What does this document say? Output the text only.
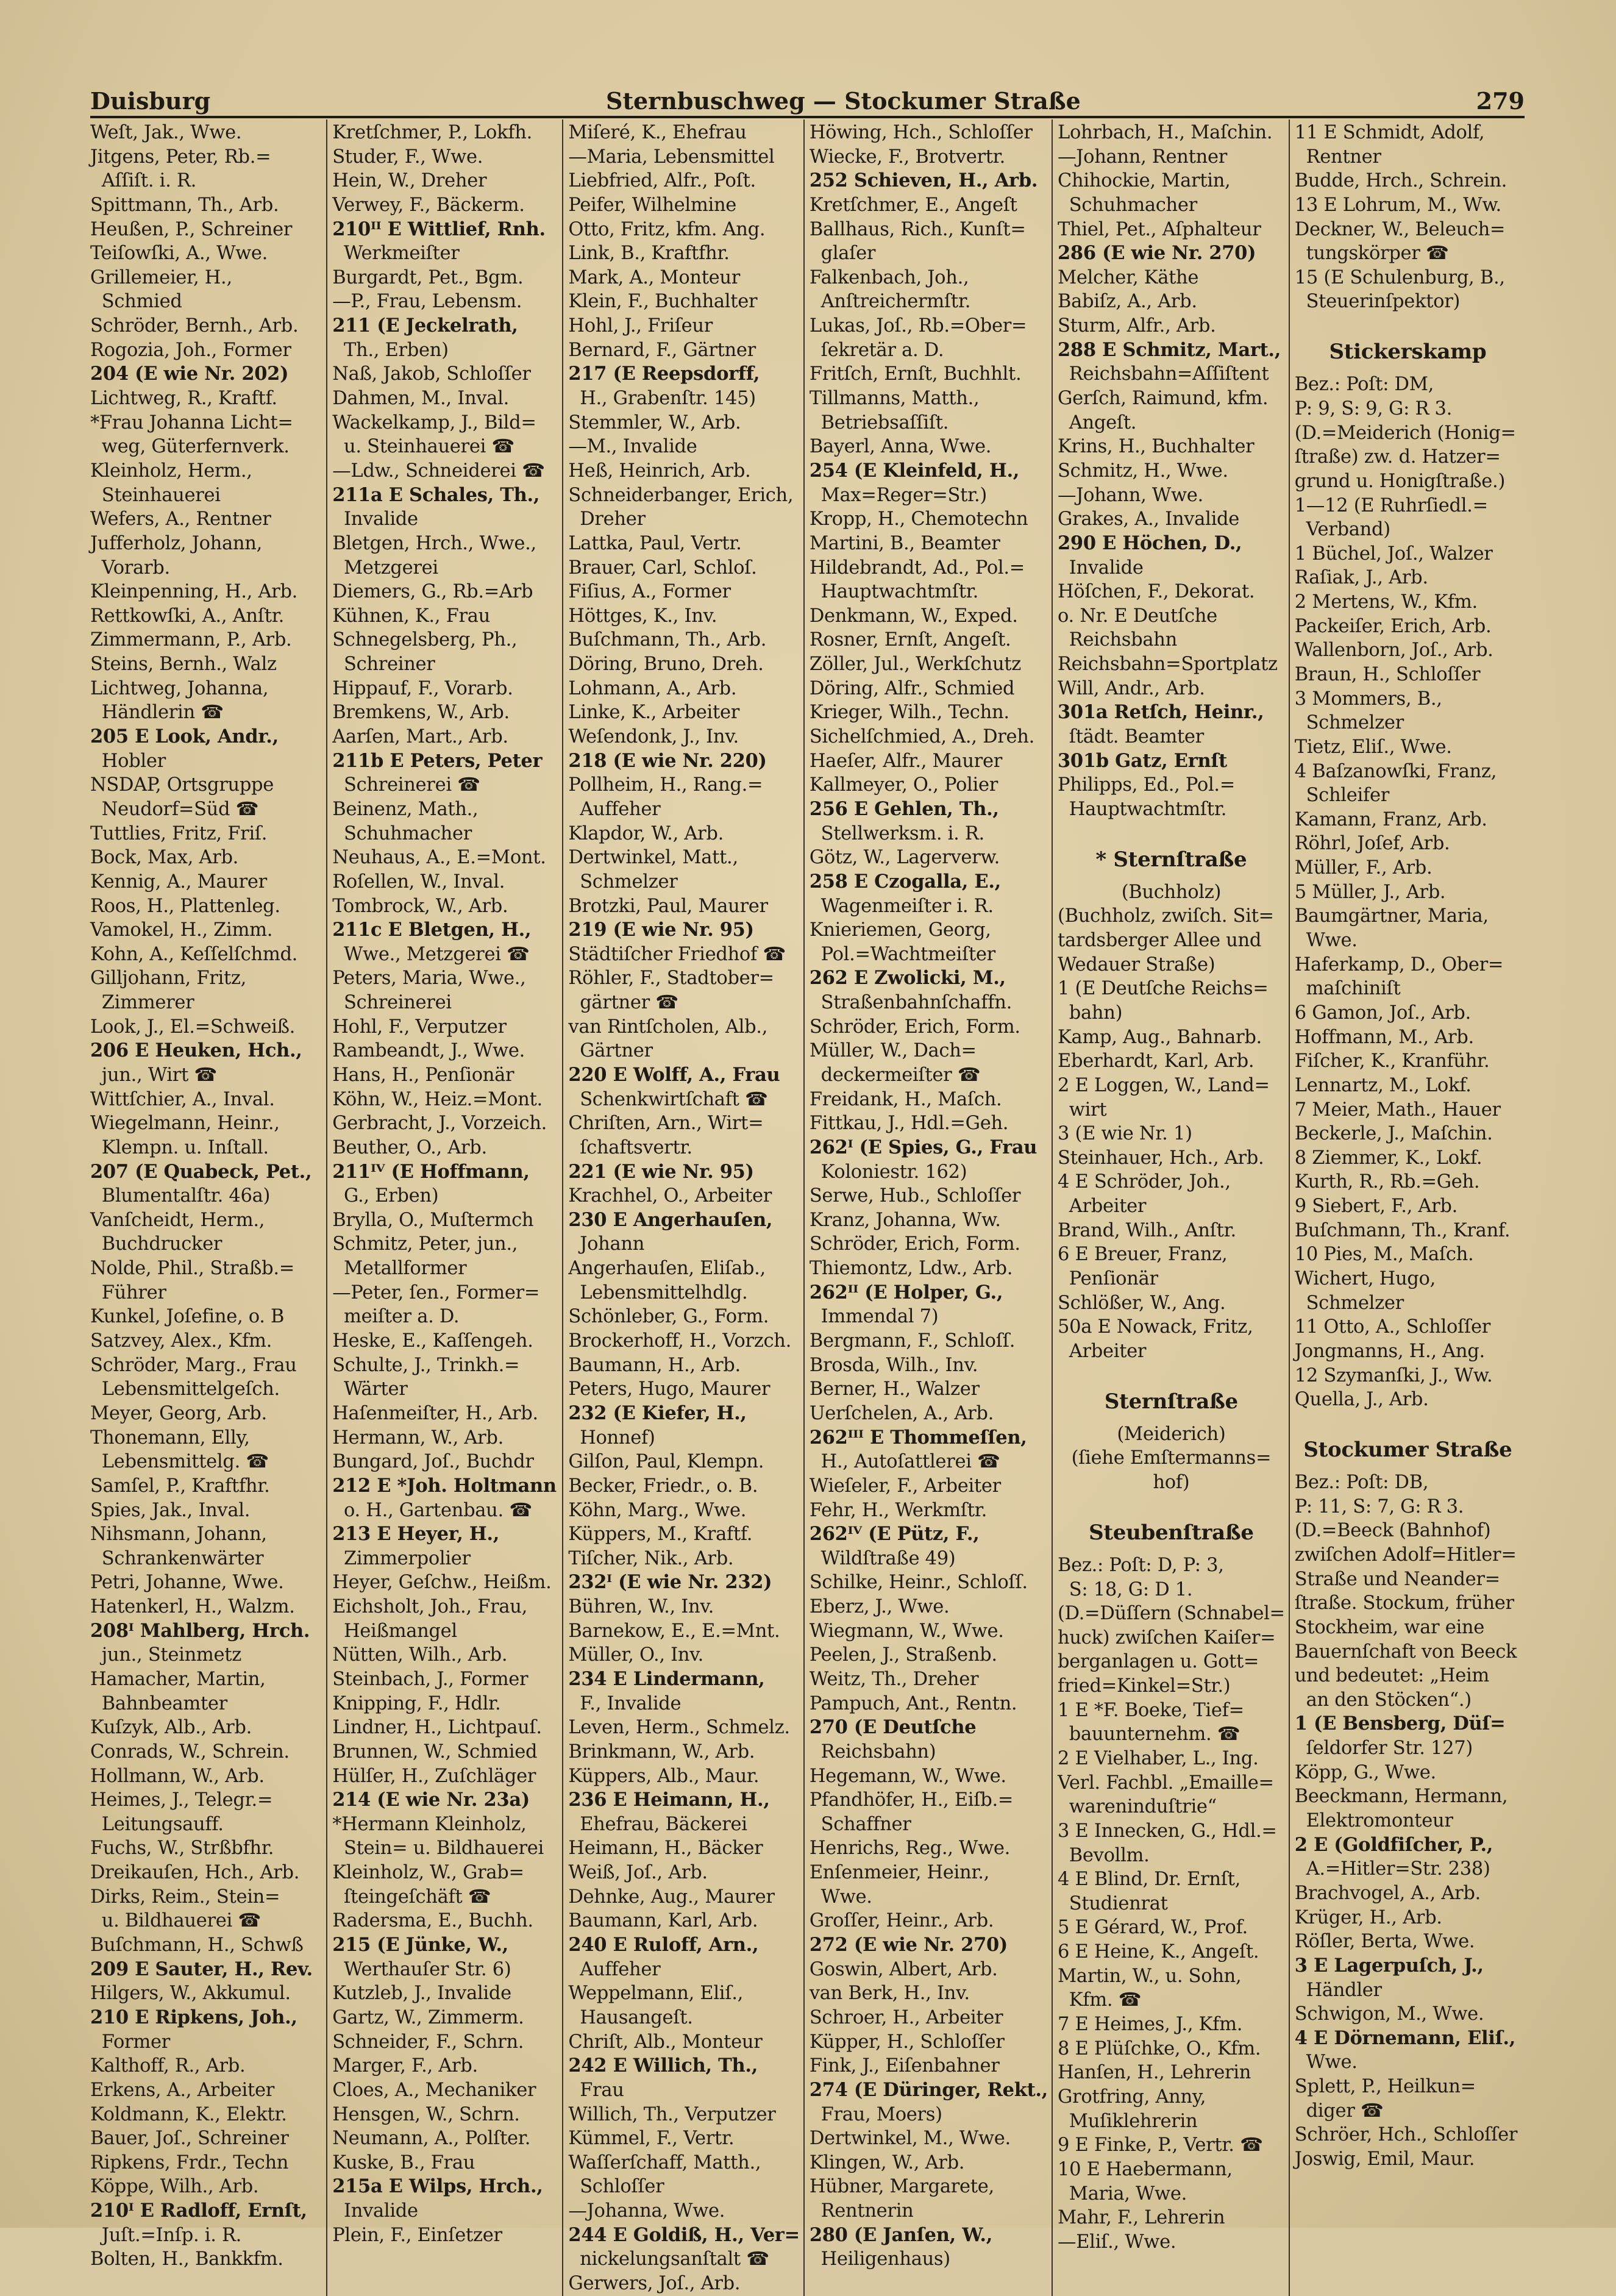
Duisburg	Sternbuschweg — Stockumer Straße	279
Weſt, Jak., Wwe.
Jitgens, Peter, Rb.=
Aſſiſt. i. R.
Spittmann, Th., Arb.
Heußen, P., Schreiner
Teiſowſki, A., Wwe.
Grillemeier, H.,
Schmied
Schröder, Bernh., Arb.
Rogozia, Joh., Former
204 (E wie Nr. 202)
Lichtweg, R., Kraftf.
*Frau Johanna Licht=
weg, Güterfernverk.
Kleinholz, Herm.,
Steinhauerei
Wefers, A., Rentner
Jufferholz, Johann,
Vorarb.
Kleinpenning, H., Arb.
Rettkowſki, A., Anſtr.
Zimmermann, P., Arb.
Steins, Bernh., Walz
Lichtweg, Johanna,
Händlerin ☎
205 E Look, Andr.,
Hobler
NSDAP, Ortsgruppe
Neudorf=Süd ☎
Tuttlies, Fritz, Friſ.
Bock, Max, Arb.
Kennig, A., Maurer
Roos, H., Plattenleg.
Vamokel, H., Zimm.
Kohn, A., Keſſelſchmd.
Gilljohann, Fritz,
Zimmerer
Look, J., El.=Schweiß.
206 E Heuken, Hch.,
jun., Wirt ☎
Wittſchier, A., Inval.
Wiegelmann, Heinr.,
Klempn. u. Inſtall.
207 (E Quabeck, Pet.,
Blumentalſtr. 46a)
Vanſcheidt, Herm.,
Buchdrucker
Nolde, Phil., Straßb.=
Führer
Kunkel, Joſefine, o. B
Satzvey, Alex., Kfm.
Schröder, Marg., Frau
Lebensmittelgeſch.
Meyer, Georg, Arb.
Thonemann, Elly,
Lebensmittelg. ☎
Samſel, P., Kraftfhr.
Spies, Jak., Inval.
Nihsmann, Johann,
Schrankenwärter
Petri, Johanne, Wwe.
Hatenkerl, H., Walzm.
208ᴵ Mahlberg, Hrch.
jun., Steinmetz
Hamacher, Martin,
Bahnbeamter
Kuſzyk, Alb., Arb.
Conrads, W., Schrein.
Hollmann, W., Arb.
Heimes, J., Telegr.=
Leitungsauff.
Fuchs, W., Strßbfhr.
Dreikauſen, Hch., Arb.
Dirks, Reim., Stein=
u. Bildhauerei ☎
Buſchmann, H., Schwß
209 E Sauter, H., Rev.
Hilgers, W., Akkumul.
210 E Ripkens, Joh.,
Former
Kalthoff, R., Arb.
Erkens, A., Arbeiter
Koldmann, K., Elektr.
Bauer, Joſ., Schreiner
Ripkens, Frdr., Techn
Köppe, Wilh., Arb.
210ᴵ E Radloff, Ernſt,
Juſt.=Inſp. i. R.
Bolten, H., Bankkfm.
Kretſchmer, P., Lokfh.
Studer, F., Wwe.
Hein, W., Dreher
Verwey, F., Bäckerm.
210ᴵᴵ E Wittlief, Rnh.
Werkmeiſter
Burgardt, Pet., Bgm.
—P., Frau, Lebensm.
211 (E Jeckelrath,
Th., Erben)
Naß, Jakob, Schloſſer
Dahmen, M., Inval.
Wackelkamp, J., Bild=
u. Steinhauerei ☎
—Ldw., Schneiderei ☎
211a E Schales, Th.,
Invalide
Bletgen, Hrch., Wwe.,
Metzgerei
Diemers, G., Rb.=Arb
Kühnen, K., Frau
Schnegelsberg, Ph.,
Schreiner
Hippauf, F., Vorarb.
Bremkens, W., Arb.
Aarſen, Mart., Arb.
211b E Peters, Peter
Schreinerei ☎
Beinenz, Math.,
Schuhmacher
Neuhaus, A., E.=Mont.
Roſellen, W., Inval.
Tombrock, W., Arb.
211c E Bletgen, H.,
Wwe., Metzgerei ☎
Peters, Maria, Wwe.,
Schreinerei
Hohl, F., Verputzer
Rambeandt, J., Wwe.
Hans, H., Penſionär
Köhn, W., Heiz.=Mont.
Gerbracht, J., Vorzeich.
Beuther, O., Arb.
211ᴵⱽ (E Hoffmann,
G., Erben)
Brylla, O., Muſtermch
Schmitz, Peter, jun.,
Metallformer
—Peter, ſen., Former=
meiſter a. D.
Heske, E., Kaſſengeh.
Schulte, J., Trinkh.=
Wärter
Haſenmeiſter, H., Arb.
Hermann, W., Arb.
Bungard, Joſ., Buchdr
212 E *Joh. Holtmann
o. H., Gartenbau. ☎
213 E Heyer, H.,
Zimmerpolier
Heyer, Geſchw., Heißm.
Eichsholt, Joh., Frau,
Heißmangel
Nütten, Wilh., Arb.
Steinbach, J., Former
Knipping, F., Hdlr.
Lindner, H., Lichtpauſ.
Brunnen, W., Schmied
Hülſer, H., Zuſchläger
214 (E wie Nr. 23a)
*Hermann Kleinholz,
Stein= u. Bildhauerei
Kleinholz, W., Grab=
ſteingeſchäft ☎
Radersma, E., Buchh.
215 (E Jünke, W.,
Werthauſer Str. 6)
Kutzleb, J., Invalide
Gartz, W., Zimmerm.
Schneider, F., Schrn.
Marger, F., Arb.
Cloes, A., Mechaniker
Hensgen, W., Schrn.
Neumann, A., Polſter.
Kuske, B., Frau
215a E Wilps, Hrch.,
Invalide
Plein, F., Einſetzer
Miſeré, K., Ehefrau
—Maria, Lebensmittel
Liebfried, Alfr., Poſt.
Peifer, Wilhelmine
Otto, Fritz, kfm. Ang.
Link, B., Kraftfhr.
Mark, A., Monteur
Klein, F., Buchhalter
Hohl, J., Friſeur
Bernard, F., Gärtner
217 (E Reepsdorff,
H., Grabenſtr. 145)
Stemmler, W., Arb.
—M., Invalide
Heß, Heinrich, Arb.
Schneiderbanger, Erich,
Dreher
Lattka, Paul, Vertr.
Brauer, Carl, Schloſ.
Fiſius, A., Former
Höttges, K., Inv.
Buſchmann, Th., Arb.
Döring, Bruno, Dreh.
Lohmann, A., Arb.
Linke, K., Arbeiter
Weſendonk, J., Inv.
218 (E wie Nr. 220)
Pollheim, H., Rang.=
Auffeher
Klapdor, W., Arb.
Dertwinkel, Matt.,
Schmelzer
Brotzki, Paul, Maurer
219 (E wie Nr. 95)
Städtiſcher Friedhof ☎
Röhler, F., Stadtober=
gärtner ☎
van Rintſcholen, Alb.,
Gärtner
220 E Wolff, A., Frau
Schenkwirtſchaft ☎
Chriſten, Arn., Wirt=
ſchaftsvertr.
221 (E wie Nr. 95)
Krachhel, O., Arbeiter
230 E Angerhauſen,
Johann
Angerhauſen, Eliſab.,
Lebensmittelhdlg.
Schönleber, G., Form.
Brockerhoff, H., Vorzch.
Baumann, H., Arb.
Peters, Hugo, Maurer
232 (E Kiefer, H.,
Honnef)
Gilſon, Paul, Klempn.
Becker, Friedr., o. B.
Köhn, Marg., Wwe.
Küppers, M., Kraftf.
Tiſcher, Nik., Arb.
232ᴵ (E wie Nr. 232)
Bühren, W., Inv.
Barnekow, E., E.=Mnt.
Müller, O., Inv.
234 E Lindermann,
F., Invalide
Leven, Herm., Schmelz.
Brinkmann, W., Arb.
Küppers, Alb., Maur.
236 E Heimann, H.,
Ehefrau, Bäckerei
Heimann, H., Bäcker
Weiß, Joſ., Arb.
Dehnke, Aug., Maurer
Baumann, Karl, Arb.
240 E Ruloff, Arn.,
Auffeher
Weppelmann, Eliſ.,
Hausangeſt.
Chriſt, Alb., Monteur
242 E Willich, Th.,
Frau
Willich, Th., Verputzer
Kümmel, F., Vertr.
Waſſerſchaff, Matth.,
Schloſſer
—Johanna, Wwe.
244 E Goldiß, H., Ver=
nickelungsanſtalt ☎
Gerwers, Joſ., Arb.
Höwing, Hch., Schloſſer
Wiecke, F., Brotvertr.
252 Schieven, H., Arb.
Kretſchmer, E., Angeſt
Ballhaus, Rich., Kunſt=
glaſer
Falkenbach, Joh.,
Anſtreichermſtr.
Lukas, Joſ., Rb.=Ober=
ſekretär a. D.
Fritſch, Ernſt, Buchhlt.
Tillmanns, Matth.,
Betriebsaſſiſt.
Bayerl, Anna, Wwe.
254 (E Kleinfeld, H.,
Max=Reger=Str.)
Kropp, H., Chemotechn
Martini, B., Beamter
Hildebrandt, Ad., Pol.=
Hauptwachtmſtr.
Denkmann, W., Exped.
Rosner, Ernſt, Angeſt.
Zöller, Jul., Werkſchutz
Döring, Alfr., Schmied
Krieger, Wilh., Techn.
Sichelſchmied, A., Dreh.
Haeſer, Alfr., Maurer
Kallmeyer, O., Polier
256 E Gehlen, Th.,
Stellwerksm. i. R.
Götz, W., Lagerverw.
258 E Czogalla, E.,
Wagenmeiſter i. R.
Knieriemen, Georg,
Pol.=Wachtmeiſter
262 E Zwolicki, M.,
Straßenbahnſchaffn.
Schröder, Erich, Form.
Müller, W., Dach=
deckermeiſter ☎
Freidank, H., Maſch.
Fittkau, J., Hdl.=Geh.
262ᴵ (E Spies, G., Frau
Koloniestr. 162)
Serwe, Hub., Schloſſer
Kranz, Johanna, Ww.
Schröder, Erich, Form.
Thiemontz, Ldw., Arb.
262ᴵᴵ (E Holper, G.,
Immendal 7)
Bergmann, F., Schloſſ.
Brosda, Wilh., Inv.
Berner, H., Walzer
Uerſchelen, A., Arb.
262ᴵᴵᴵ E Thommeſſen,
H., Autoſattlerei ☎
Wieſeler, F., Arbeiter
Fehr, H., Werkmſtr.
262ᴵⱽ (E Pütz, F.,
Wildſtraße 49)
Schilke, Heinr., Schloſſ.
Eberz, J., Wwe.
Wiegmann, W., Wwe.
Peelen, J., Straßenb.
Weitz, Th., Dreher
Pampuch, Ant., Rentn.
270 (E Deutſche
Reichsbahn)
Hegemann, W., Wwe.
Pfandhöfer, H., Eiſb.=
Schaffner
Henrichs, Reg., Wwe.
Enſenmeier, Heinr.,
Wwe.
Groſſer, Heinr., Arb.
272 (E wie Nr. 270)
Goswin, Albert, Arb.
van Berk, H., Inv.
Schroer, H., Arbeiter
Küpper, H., Schloſſer
Fink, J., Eiſenbahner
274 (E Düringer, Rekt.,
Frau, Moers)
Dertwinkel, M., Wwe.
Klingen, W., Arb.
Hübner, Margarete,
Rentnerin
280 (E Janſen, W.,
Heiligenhaus)
Lohrbach, H., Maſchin.
—Johann, Rentner
Chihockie, Martin,
Schuhmacher
Thiel, Pet., Aſphalteur
286 (E wie Nr. 270)
Melcher, Käthe
Babiſz, A., Arb.
Sturm, Alfr., Arb.
288 E Schmitz, Mart.,
Reichsbahn=Aſſiſtent
Gerſch, Raimund, kfm.
Angeſt.
Krins, H., Buchhalter
Schmitz, H., Wwe.
—Johann, Wwe.
Grakes, A., Invalide
290 E Höchen, D.,
Invalide
Höſchen, F., Dekorat.
o. Nr. E Deutſche
Reichsbahn
Reichsbahn=Sportplatz
Will, Andr., Arb.
301a Retſch, Heinr.,
ſtädt. Beamter
301b Gatz, Ernſt
Philipps, Ed., Pol.=
Hauptwachtmſtr.
* Sternſtraße
(Buchholz)
(Buchholz, zwiſch. Sit=
tardsberger Allee und
Wedauer Straße)
1 (E Deutſche Reichs=
bahn)
Kamp, Aug., Bahnarb.
Eberhardt, Karl, Arb.
2 E Loggen, W., Land=
wirt
3 (E wie Nr. 1)
Steinhauer, Hch., Arb.
4 E Schröder, Joh.,
Arbeiter
Brand, Wilh., Anſtr.
6 E Breuer, Franz,
Penſionär
Schlößer, W., Ang.
50a E Nowack, Fritz,
Arbeiter
Sternſtraße
(Meiderich)
(ſiehe Emſtermanns=
hof)
Steubenſtraße
Bez.: Poſt: D, P: 3,
S: 18, G: D 1.
(D.=Düſſern (Schnabel=
huck) zwiſchen Kaiſer=
berganlagen u. Gott=
fried=Kinkel=Str.)
1 E *F. Boeke, Tief=
bauunternehm. ☎
2 E Vielhaber, L., Ing.
Verl. Fachbl. „Emaille=
wareninduſtrie“
3 E Innecken, G., Hdl.=
Bevollm.
4 E Blind, Dr. Ernſt,
Studienrat
5 E Gérard, W., Prof.
6 E Heine, K., Angeſt.
Martin, W., u. Sohn,
Kfm. ☎
7 E Heimes, J., Kfm.
8 E Plüſchke, O., Kfm.
Hanſen, H., Lehrerin
Grotfring, Anny,
Muſiklehrerin
9 E Finke, P., Vertr. ☎
10 E Haebermann,
Maria, Wwe.
Mahr, F., Lehrerin
—Eliſ., Wwe.
11 E Schmidt, Adolf,
Rentner
Budde, Hrch., Schrein.
13 E Lohrum, M., Ww.
Deckner, W., Beleuch=
tungskörper ☎
15 (E Schulenburg, B.,
Steuerinſpektor)
Stickerskamp
Bez.: Poſt: DM,
P: 9, S: 9, G: R 3.
(D.=Meiderich (Honig=
ſtraße) zw. d. Hatzer=
grund u. Honigſtraße.)
1—12 (E Ruhrſiedl.=
Verband)
1 Büchel, Joſ., Walzer
Raſiak, J., Arb.
2 Mertens, W., Kfm.
Packeiſer, Erich, Arb.
Wallenborn, Joſ., Arb.
Braun, H., Schloſſer
3 Mommers, B.,
Schmelzer
Tietz, Eliſ., Wwe.
4 Baſzanowſki, Franz,
Schleifer
Kamann, Franz, Arb.
Röhrl, Joſef, Arb.
Müller, F., Arb.
5 Müller, J., Arb.
Baumgärtner, Maria,
Wwe.
Haferkamp, D., Ober=
maſchiniſt
6 Gamon, Joſ., Arb.
Hoffmann, M., Arb.
Fiſcher, K., Kranführ.
Lennartz, M., Lokf.
7 Meier, Math., Hauer
Beckerle, J., Maſchin.
8 Ziemmer, K., Lokf.
Kurth, R., Rb.=Geh.
9 Siebert, F., Arb.
Buſchmann, Th., Kranf.
10 Pies, M., Maſch.
Wichert, Hugo,
Schmelzer
11 Otto, A., Schloſſer
Jongmanns, H., Ang.
12 Szymanſki, J., Ww.
Quella, J., Arb.
Stockumer Straße
Bez.: Poſt: DB,
P: 11, S: 7, G: R 3.
(D.=Beeck (Bahnhof)
zwiſchen Adolf=Hitler=
Straße und Neander=
ſtraße. Stockum, früher
Stockheim, war eine
Bauernſchaft von Beeck
und bedeutet: „Heim
an den Stöcken“.)
1 (E Bensberg, Düſ=
ſeldorfer Str. 127)
Köpp, G., Wwe.
Beeckmann, Hermann,
Elektromonteur
2 E (Goldfiſcher, P.,
A.=Hitler=Str. 238)
Brachvogel, A., Arb.
Krüger, H., Arb.
Röſler, Berta, Wwe.
3 E Lagerpuſch, J.,
Händler
Schwigon, M., Wwe.
4 E Dörnemann, Eliſ.,
Wwe.
Splett, P., Heilkun=
diger ☎
Schröer, Hch., Schloſſer
Joswig, Emil, Maur.
